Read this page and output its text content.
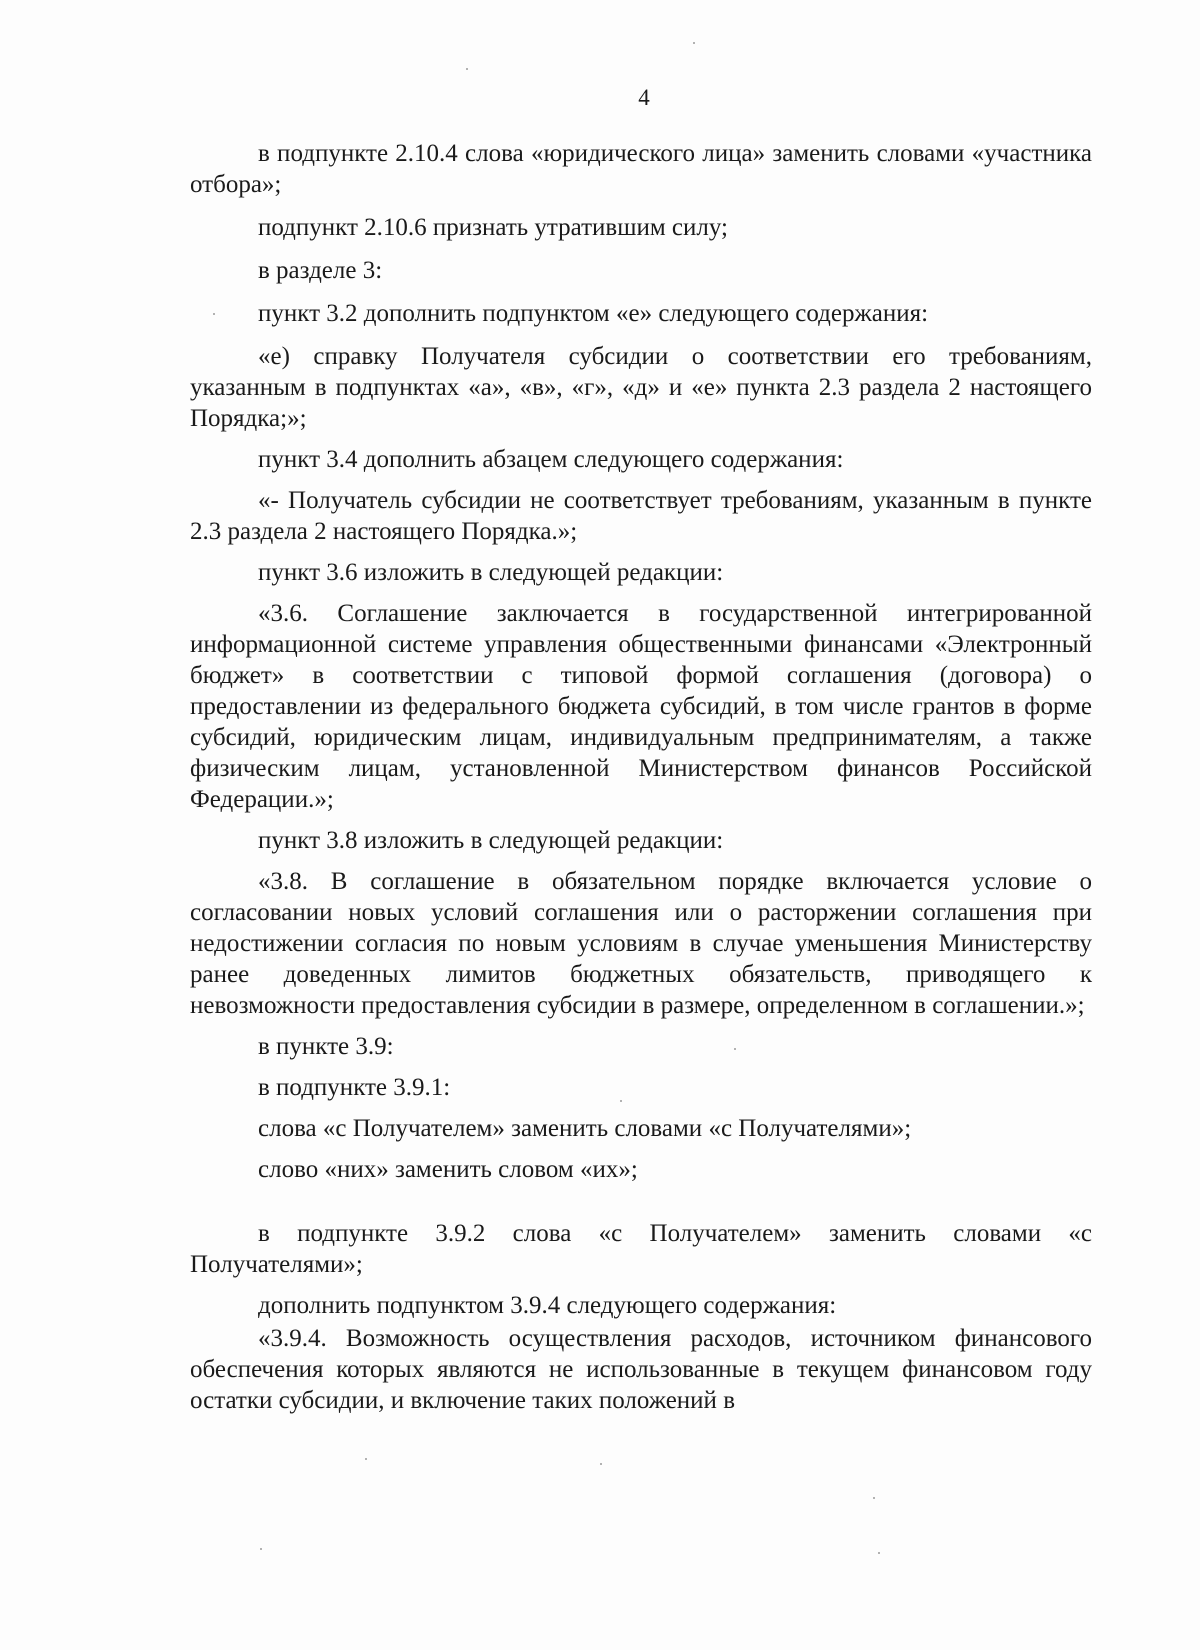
4

в подпункте 2.10.4 слова «юридического лица» заменить словами «участника отбора»;

подпункт 2.10.6 признать утратившим силу;

в разделе 3:

пункт 3.2 дополнить подпунктом «е» следующего содержания:

«е) справку Получателя субсидии о соответствии его требованиям, указанным в подпунктах «а», «в», «г», «д» и «е» пункта 2.3 раздела 2 настоящего Порядка;»;

пункт 3.4 дополнить абзацем следующего содержания:

«- Получатель субсидии не соответствует требованиям, указанным в пункте 2.3 раздела 2 настоящего Порядка.»;

пункт 3.6 изложить в следующей редакции:

«3.6. Соглашение заключается в государственной интегрированной информационной системе управления общественными финансами «Электронный бюджет» в соответствии с типовой формой соглашения (договора) о предоставлении из федерального бюджета субсидий, в том числе грантов в форме субсидий, юридическим лицам, индивидуальным предпринимателям, а также физическим лицам, установленной Министерством финансов Российской Федерации.»;

пункт 3.8 изложить в следующей редакции:

«3.8. В соглашение в обязательном порядке включается условие о согласовании новых условий соглашения или о расторжении соглашения при недостижении согласия по новым условиям в случае уменьшения Министерству ранее доведенных лимитов бюджетных обязательств, приводящего к невозможности предоставления субсидии в размере, определенном в соглашении.»;

в пункте 3.9:

в подпункте 3.9.1:

слова «с Получателем» заменить словами «с Получателями»;

слово «них» заменить словом «их»;

в подпункте 3.9.2 слова «с Получателем» заменить словами «с Получателями»;

дополнить подпунктом 3.9.4 следующего содержания:

«3.9.4. Возможность осуществления расходов, источником финансового обеспечения которых являются не использованные в текущем финансовом году остатки субсидии, и включение таких положений в
